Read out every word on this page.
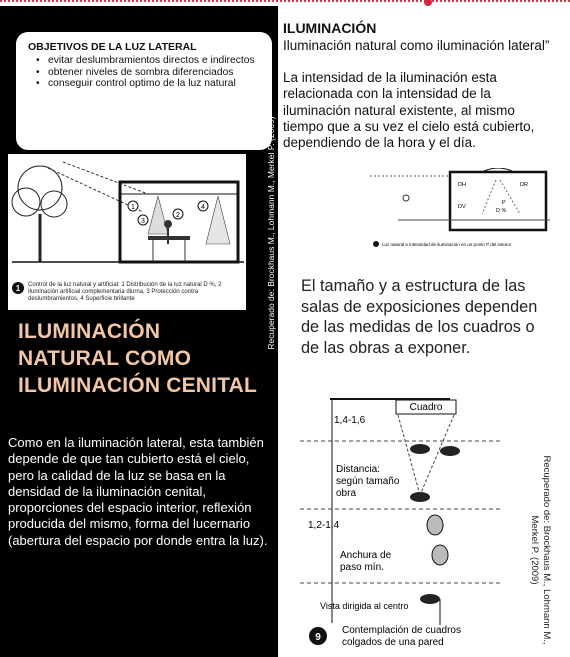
OBJETIVOS DE LA LUZ LATERAL
• evitar deslumbramientos directos e indirectos
• obtener niveles de sombra diferenciados
• conseguir control optimo de la luz natural
1
2
3
4
1	Control de la luz natural y artificial: 1 Distribución de la luz natural D %, 2 Iluminación artificial complementaria diurna, 3 Protección contra deslumbramientos, 4 Superficie brillante	Recuperado de: Brockhaus M., Lohmann M., Merkel P. (2009)
ILUMINACIÓN NATURAL COMO ILUMINACIÓN CENITAL
Como en la iluminación lateral, esta también depende de que tan cubierto está el cielo, pero la calidad de la luz se basa en la densidad de la iluminación cenital, proporciones del espacio interior, reflexión producida del mismo, forma del lucernario (abertura del espacio por donde entra la luz).
ILUMINACIÓN
Iluminación natural como iluminación lateral”
La intensidad de la iluminación esta relacionada con la intensidad de la iluminación natural existente, al mismo tiempo que a su vez el cielo está cubierto, dependiendo de la hora y el día.
DH	DR
DV
D %
P
Luz natural e intensidad de iluminación en un punto P del interior
El tamaño y a estructura de las salas de exposiciones dependen de las medidas de los cuadros o de las obras a exponer.
Cuadro
1,4-1,6
1,2-1,4
Distancia:
según tamaño
obra
Anchura de
paso mín.
Vista dirigida al centro
9
Contemplación de cuadros
colgados de una pared	Recuperado de: Brockhaus M., Lohmann M.,
Merkel P. (2009)
